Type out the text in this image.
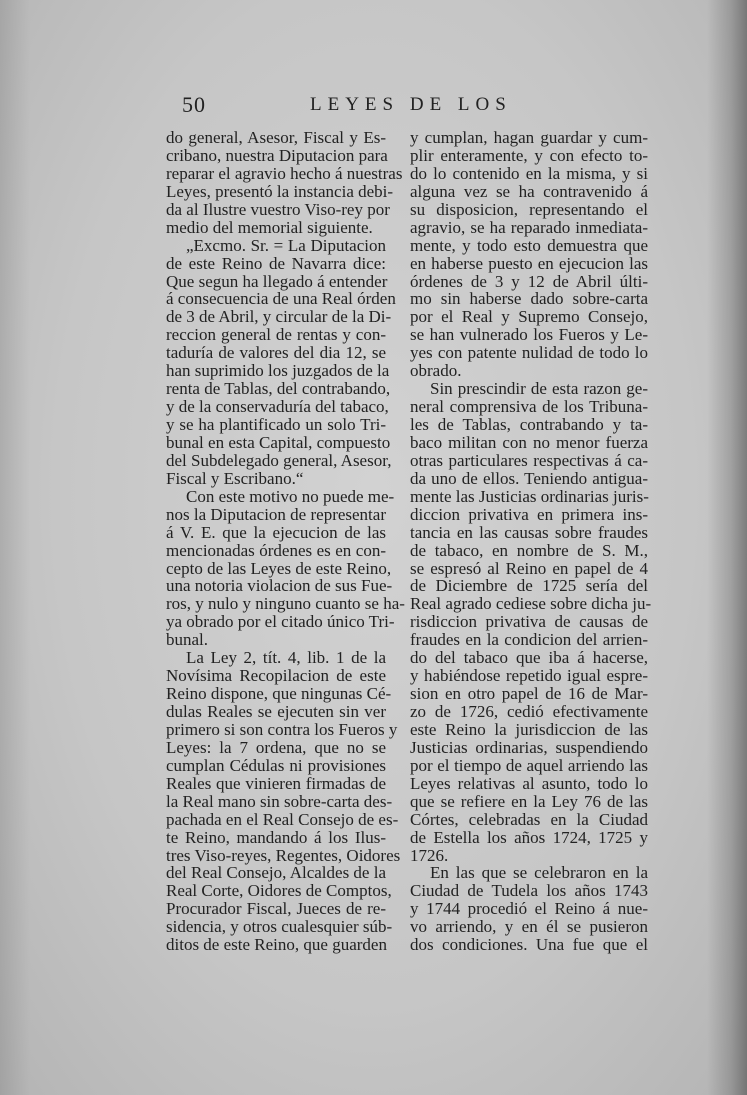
50	LEYES DE LOS
do general, Asesor, Fiscal y Es-
cribano, nuestra Diputacion para
reparar el agravio hecho á nuestras
Leyes, presentó la instancia debi-
da al Ilustre vuestro Viso-rey por
medio del memorial siguiente.
„Excmo. Sr. = La Diputacion
de este Reino de Navarra dice:
Que segun ha llegado á entender
á consecuencia de una Real órden
de 3 de Abril, y circular de la Di-
reccion general de rentas y con-
taduría de valores del dia 12, se
han suprimido los juzgados de la
renta de Tablas, del contrabando,
y de la conservaduría del tabaco,
y se ha plantificado un solo Tri-
bunal en esta Capital, compuesto
del Subdelegado general, Asesor,
Fiscal y Escribano.“
Con este motivo no puede me-
nos la Diputacion de representar
á V. E. que la ejecucion de las
mencionadas órdenes es en con-
cepto de las Leyes de este Reino,
una notoria violacion de sus Fue-
ros, y nulo y ninguno cuanto se ha-
ya obrado por el citado único Tri-
bunal.
La Ley 2, tít. 4, lib. 1 de la
Novísima Recopilacion de este
Reino dispone, que ningunas Cé-
dulas Reales se ejecuten sin ver
primero si son contra los Fueros y
Leyes: la 7 ordena, que no se
cumplan Cédulas ni provisiones
Reales que vinieren firmadas de
la Real mano sin sobre-carta des-
pachada en el Real Consejo de es-
te Reino, mandando á los Ilus-
tres Viso-reyes, Regentes, Oidores
del Real Consejo, Alcaldes de la
Real Corte, Oidores de Comptos,
Procurador Fiscal, Jueces de re-
sidencia, y otros cualesquier súb-
ditos de este Reino, que guarden
y cumplan, hagan guardar y cum-
plir enteramente, y con efecto to-
do lo contenido en la misma, y si
alguna vez se ha contravenido á
su disposicion, representando el
agravio, se ha reparado inmediata-
mente, y todo esto demuestra que
en haberse puesto en ejecucion las
órdenes de 3 y 12 de Abril últi-
mo sin haberse dado sobre-carta
por el Real y Supremo Consejo,
se han vulnerado los Fueros y Le-
yes con patente nulidad de todo lo
obrado.
Sin prescindir de esta razon ge-
neral comprensiva de los Tribuna-
les de Tablas, contrabando y ta-
baco militan con no menor fuerza
otras particulares respectivas á ca-
da uno de ellos. Teniendo antigua-
mente las Justicias ordinarias juris-
diccion privativa en primera ins-
tancia en las causas sobre fraudes
de tabaco, en nombre de S. M.,
se espresó al Reino en papel de 4
de Diciembre de 1725 sería del
Real agrado cediese sobre dicha ju-
risdiccion privativa de causas de
fraudes en la condicion del arrien-
do del tabaco que iba á hacerse,
y habiéndose repetido igual espre-
sion en otro papel de 16 de Mar-
zo de 1726, cedió efectivamente
este Reino la jurisdiccion de las
Justicias ordinarias, suspendiendo
por el tiempo de aquel arriendo las
Leyes relativas al asunto, todo lo
que se refiere en la Ley 76 de las
Córtes, celebradas en la Ciudad
de Estella los años 1724, 1725 y
1726.
En las que se celebraron en la
Ciudad de Tudela los años 1743
y 1744 procedió el Reino á nue-
vo arriendo, y en él se pusieron
dos condiciones. Una fue que el
